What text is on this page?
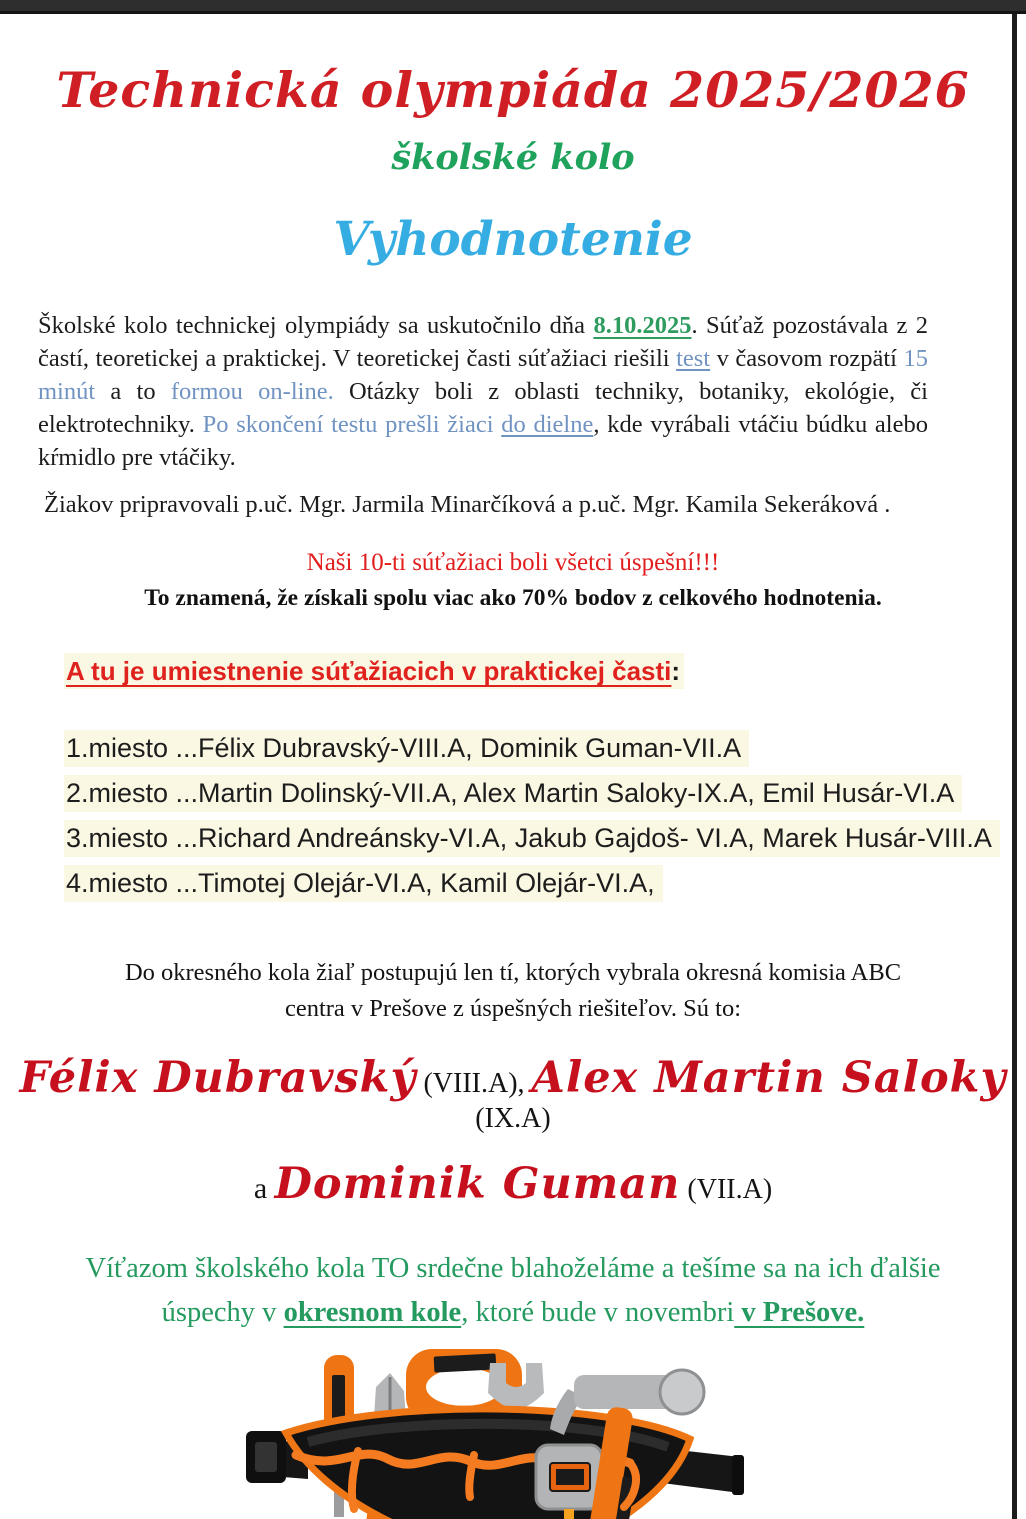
Technická olympiáda 2025/2026
školské kolo
Vyhodnotenie

Školské kolo technickej olympiády sa uskutočnilo dňa 8.10.2025. Súťaž pozostávala z 2 častí, teoretickej a praktickej. V teoretickej časti súťažiaci riešili test v časovom rozpätí 15 minút a to formou on-line. Otázky boli z oblasti techniky, botaniky, ekológie, či elektrotechniky. Po skončení testu prešli žiaci do dielne, kde vyrábali vtáčiu búdku alebo kŕmidlo pre vtáčiky.

Žiakov pripravovali p.uč. Mgr. Jarmila Minarčíková a p.uč. Mgr. Kamila Sekeráková .

Naši 10-ti súťažiaci boli všetci úspešní!!!
To znamená, že získali spolu viac ako 70% bodov z celkového hodnotenia.
A tu je umiestnenie súťažiacich v praktickej časti:
1.miesto ...Félix Dubravský-VIII.A, Dominik Guman-VII.A
2.miesto ...Martin Dolinský-VII.A, Alex Martin Saloky-IX.A, Emil Husár-VI.A
3.miesto ...Richard Andreánsky-VI.A, Jakub Gajdoš- VI.A, Marek Husár-VIII.A
4.miesto ...Timotej Olejár-VI.A, Kamil Olejár-VI.A,

Do okresného kola žiaľ postupujú len tí, ktorých vybrala okresná komisia ABC centra v Prešove z úspešných riešiteľov. Sú to:

Félix Dubravský (VIII.A), Alex Martin Saloky (IX.A)
a Dominik Guman (VII.A)

Víťazom školského kola TO srdečne blahoželáme a tešíme sa na ich ďalšie úspechy v okresnom kole, ktoré bude v novembri v Prešove.
